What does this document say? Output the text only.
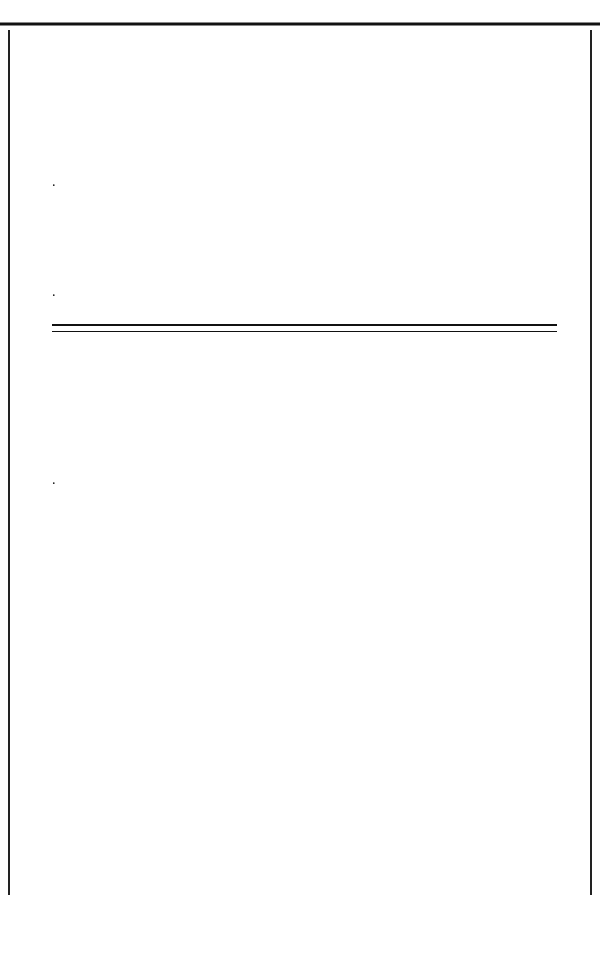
.

.

.
